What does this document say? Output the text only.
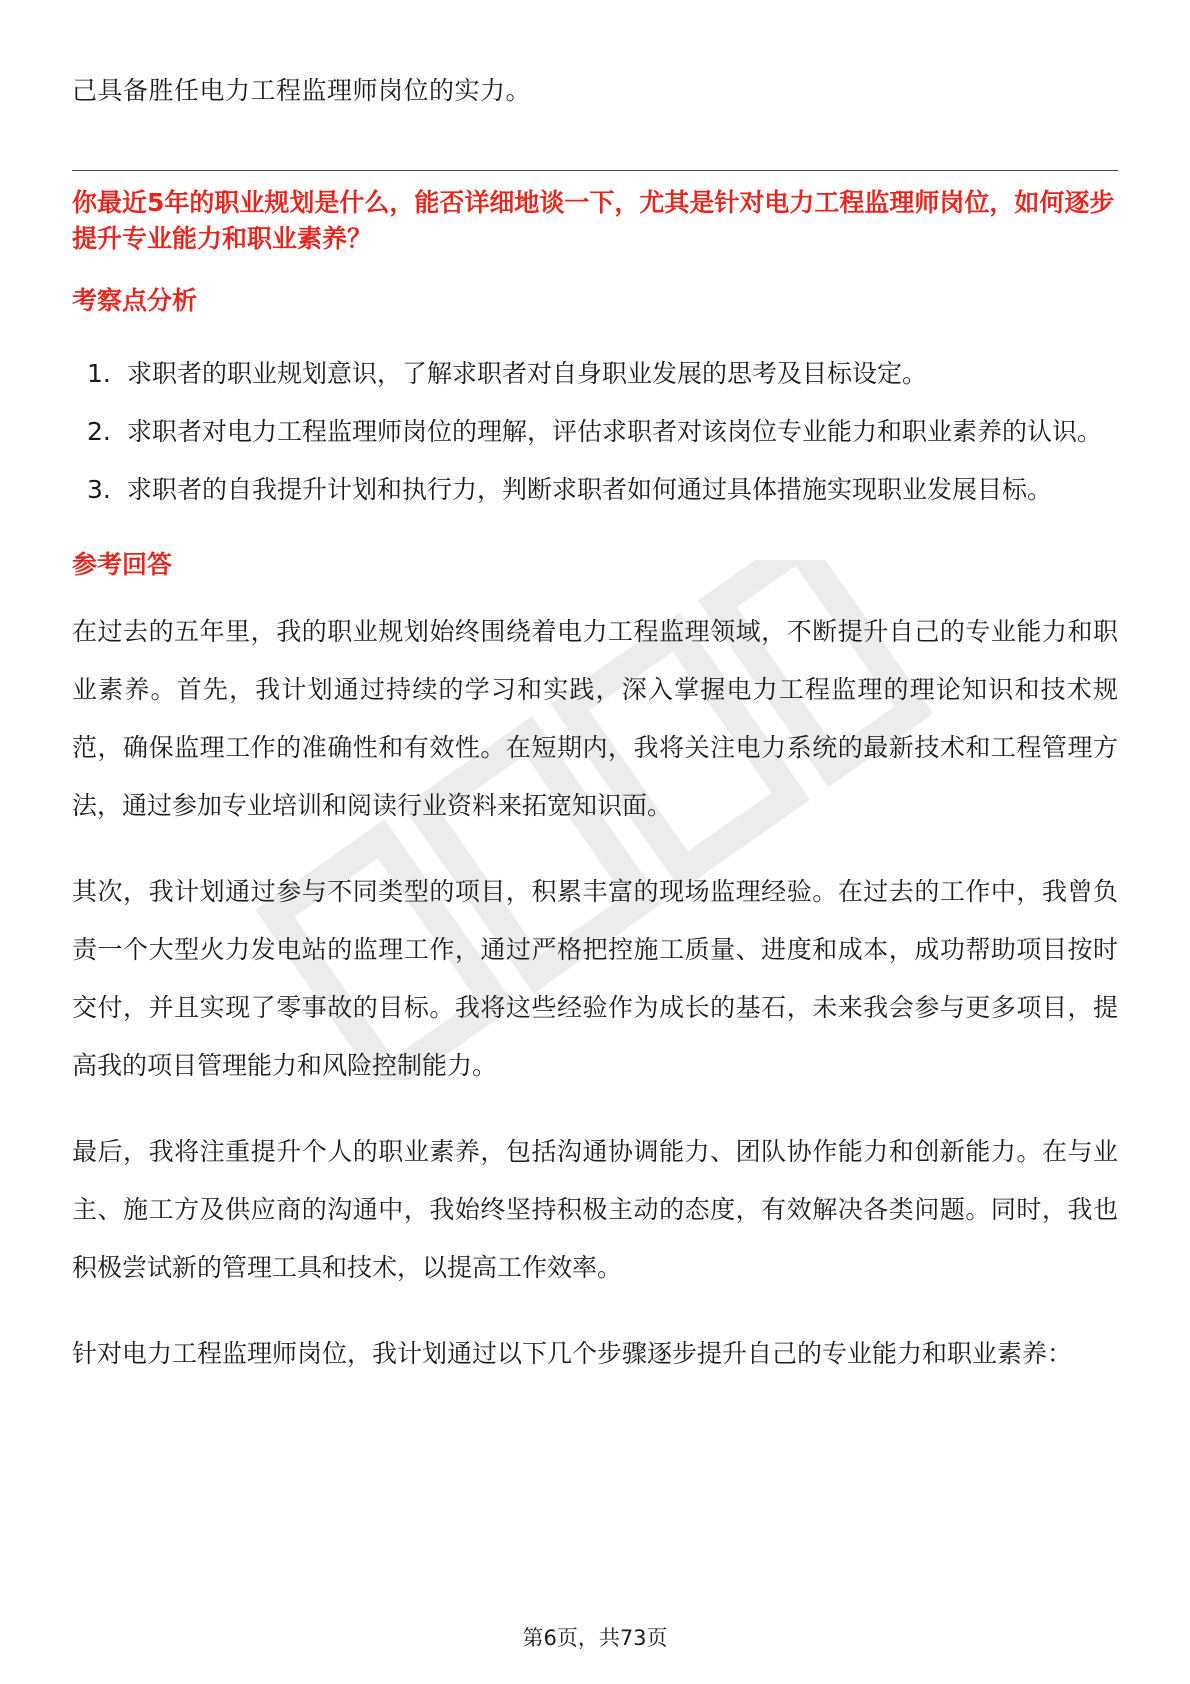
己具备胜任电力工程监理师岗位的实力。

你最近5年的职业规划是什么，能否详细地谈一下，尤其是针对电力工程监理师岗位，如何逐步提升专业能力和职业素养？

考察点分析

1. 求职者的职业规划意识，了解求职者对自身职业发展的思考及目标设定。
2. 求职者对电力工程监理师岗位的理解，评估求职者对该岗位专业能力和职业素养的认识。
3. 求职者的自我提升计划和执行力，判断求职者如何通过具体措施实现职业发展目标。

参考回答

在过去的五年里，我的职业规划始终围绕着电力工程监理领域，不断提升自己的专业能力和职业素养。首先，我计划通过持续的学习和实践，深入掌握电力工程监理的理论知识和技术规范，确保监理工作的准确性和有效性。在短期内，我将关注电力系统的最新技术和工程管理方法，通过参加专业培训和阅读行业资料来拓宽知识面。

其次，我计划通过参与不同类型的项目，积累丰富的现场监理经验。在过去的工作中，我曾负责一个大型火力发电站的监理工作，通过严格把控施工质量、进度和成本，成功帮助项目按时交付，并且实现了零事故的目标。我将这些经验作为成长的基石，未来我会参与更多项目，提高我的项目管理能力和风险控制能力。

最后，我将注重提升个人的职业素养，包括沟通协调能力、团队协作能力和创新能力。在与业主、施工方及供应商的沟通中，我始终坚持积极主动的态度，有效解决各类问题。同时，我也积极尝试新的管理工具和技术，以提高工作效率。

针对电力工程监理师岗位，我计划通过以下几个步骤逐步提升自己的专业能力和职业素养：

第6页，共73页
